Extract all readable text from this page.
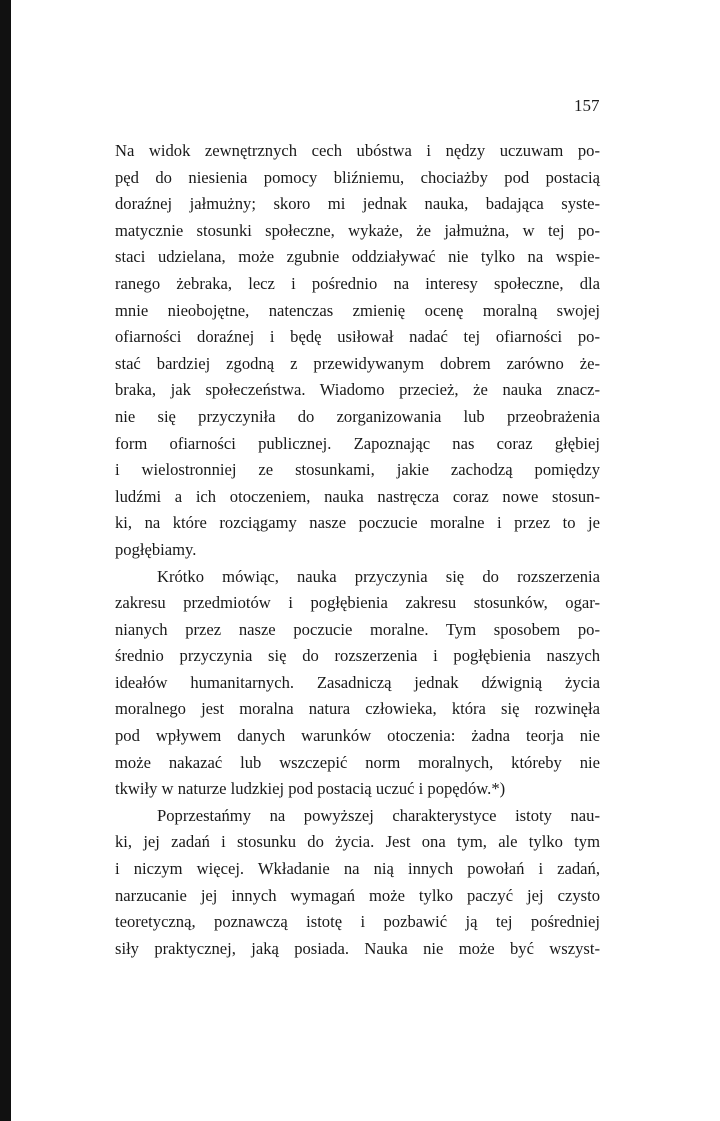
157
Na widok zewnętrznych cech ubóstwa i nędzy uczuwam po-
pęd do niesienia pomocy bliźniemu, chociażby pod postacią
doraźnej jałmużny; skoro mi jednak nauka, badająca syste-
matycznie stosunki społeczne, wykaże, że jałmużna, w tej po-
staci udzielana, może zgubnie oddziaływać nie tylko na wspie-
ranego żebraka, lecz i pośrednio na interesy społeczne, dla
mnie nieobojętne, natenczas zmienię ocenę moralną swojej
ofiarności doraźnej i będę usiłował nadać tej ofiarności po-
stać bardziej zgodną z przewidywanym dobrem zarówno że-
braka, jak społeczeństwa. Wiadomo przecież, że nauka znacz-
nie się przyczyniła do zorganizowania lub przeobrażenia
form ofiarności publicznej. Zapoznając nas coraz głębiej
i wielostronniej ze stosunkami, jakie zachodzą pomiędzy
ludźmi a ich otoczeniem, nauka nastręcza coraz nowe stosun-
ki, na które rozciągamy nasze poczucie moralne i przez to je
pogłębiamy.
Krótko mówiąc, nauka przyczynia się do rozszerzenia
zakresu przedmiotów i pogłębienia zakresu stosunków, ogar-
nianych przez nasze poczucie moralne. Tym sposobem po-
średnio przyczynia się do rozszerzenia i pogłębienia naszych
ideałów humanitarnych. Zasadniczą jednak dźwignią życia
moralnego jest moralna natura człowieka, która się rozwinęła
pod wpływem danych warunków otoczenia: żadna teorja nie
może nakazać lub wszczepić norm moralnych, któreby nie
tkwiły w naturze ludzkiej pod postacią uczuć i popędów.*)
Poprzestańmy na powyższej charakterystyce istoty nau-
ki, jej zadań i stosunku do życia. Jest ona tym, ale tylko tym
i niczym więcej. Wkładanie na nią innych powołań i zadań,
narzucanie jej innych wymagań może tylko paczyć jej czysto
teoretyczną, poznawczą istotę i pozbawić ją tej pośredniej
siły praktycznej, jaką posiada. Nauka nie może być wszyst-
